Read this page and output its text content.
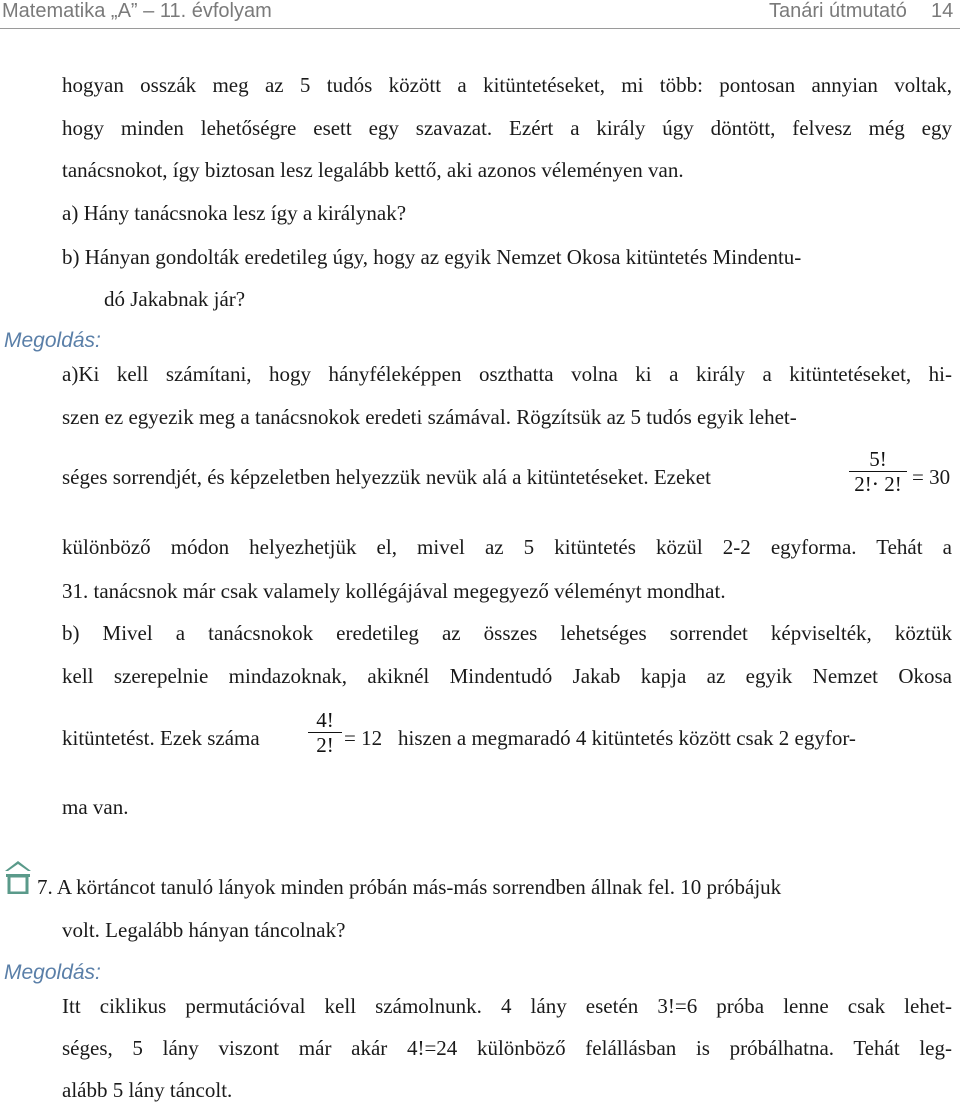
Matematika „A” – 11. évfolyam	Tanári útmutató 14
hogyan osszák meg az 5 tudós között a kitüntetéseket, mi több: pontosan annyian voltak,
hogy minden lehetőségre esett egy szavazat. Ezért a király úgy döntött, felvesz még egy
tanácsnokot, így biztosan lesz legalább kettő, aki azonos véleményen van.
a) Hány tanácsnoka lesz így a királynak?
b) Hányan gondolták eredetileg úgy, hogy az egyik Nemzet Okosa kitüntetés Mindentu-
dó Jakabnak jár?
Megoldás:
a)Ki kell számítani, hogy hányféleképpen oszthatta volna ki a király a kitüntetéseket, hi-
szen ez egyezik meg a tanácsnokok eredeti számával. Rögzítsük az 5 tudós egyik lehet-
séges sorrendjét, és képzeletben helyezzük nevük alá a kitüntetéseket. Ezeket
5!
2!⋅ 2! = 30
különböző módon helyezhetjük el, mivel az 5 kitüntetés közül 2-2 egyforma. Tehát a
31. tanácsnok már csak valamely kollégájával megegyező véleményt mondhat.
b) Mivel a tanácsnokok eredetileg az összes lehetséges sorrendet képviselték, köztük
kell szerepelnie mindazoknak, akiknél Mindentudó Jakab kapja az egyik Nemzet Okosa
kitüntetést. Ezek száma
4!
2! = 12 hiszen a megmaradó 4 kitüntetés között csak 2 egyfor-
ma van.
7. A körtáncot tanuló lányok minden próbán más-más sorrendben állnak fel. 10 próbájuk
volt. Legalább hányan táncolnak?
Megoldás:
Itt ciklikus permutációval kell számolnunk. 4 lány esetén 3!=6 próba lenne csak lehet-
séges, 5 lány viszont már akár 4!=24 különböző felállásban is próbálhatna. Tehát leg-
alább 5 lány táncolt.
